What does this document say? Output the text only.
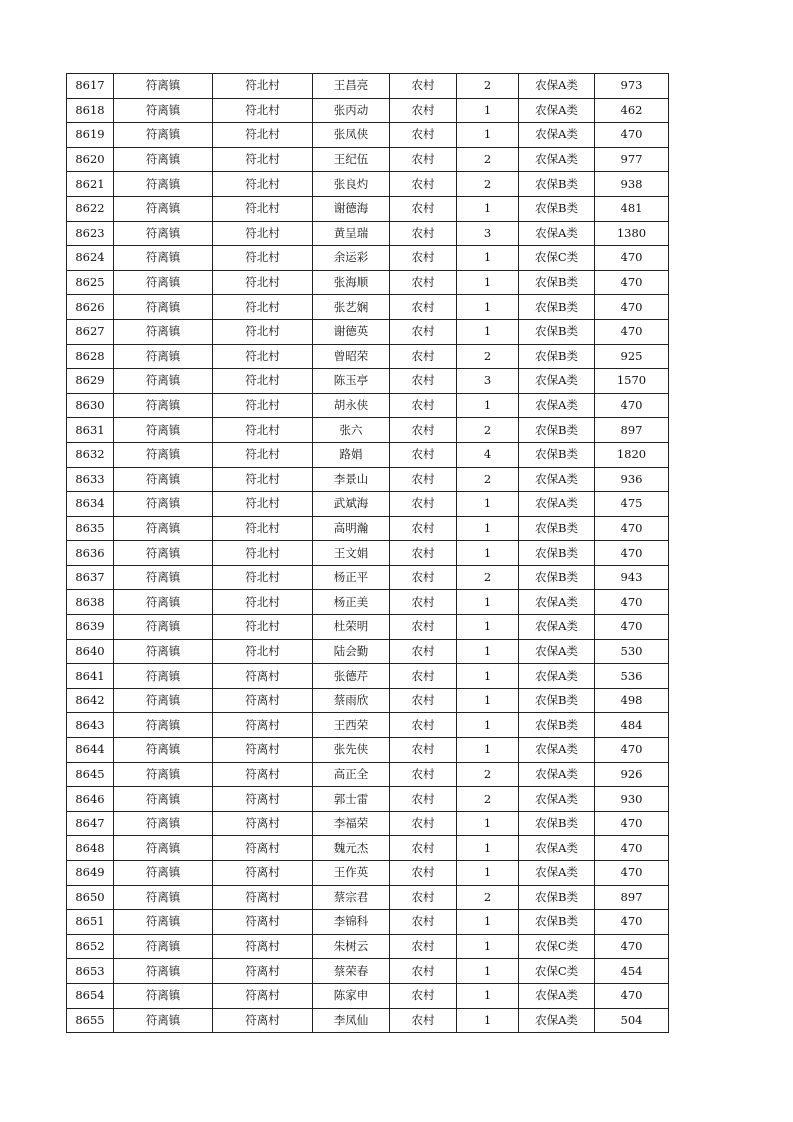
8617	符离镇	符北村	王昌亮	农村	2	农保A类	973
8618	符离镇	符北村	张丙动	农村	1	农保A类	462
8619	符离镇	符北村	张凤侠	农村	1	农保A类	470
8620	符离镇	符北村	王纪伍	农村	2	农保A类	977
8621	符离镇	符北村	张良灼	农村	2	农保B类	938
8622	符离镇	符北村	谢德海	农村	1	农保B类	481
8623	符离镇	符北村	黄呈瑞	农村	3	农保A类	1380
8624	符离镇	符北村	余运彩	农村	1	农保C类	470
8625	符离镇	符北村	张海顺	农村	1	农保B类	470
8626	符离镇	符北村	张艺娴	农村	1	农保B类	470
8627	符离镇	符北村	谢德英	农村	1	农保B类	470
8628	符离镇	符北村	曾昭荣	农村	2	农保B类	925
8629	符离镇	符北村	陈玉亭	农村	3	农保A类	1570
8630	符离镇	符北村	胡永侠	农村	1	农保A类	470
8631	符离镇	符北村	张六	农村	2	农保B类	897
8632	符离镇	符北村	路娟	农村	4	农保B类	1820
8633	符离镇	符北村	李景山	农村	2	农保A类	936
8634	符离镇	符北村	武斌海	农村	1	农保A类	475
8635	符离镇	符北村	高明瀚	农村	1	农保B类	470
8636	符离镇	符北村	王文娟	农村	1	农保B类	470
8637	符离镇	符北村	杨正平	农村	2	农保B类	943
8638	符离镇	符北村	杨正美	农村	1	农保A类	470
8639	符离镇	符北村	杜荣明	农村	1	农保A类	470
8640	符离镇	符北村	陆会勤	农村	1	农保A类	530
8641	符离镇	符离村	张德芹	农村	1	农保A类	536
8642	符离镇	符离村	蔡雨欣	农村	1	农保B类	498
8643	符离镇	符离村	王西荣	农村	1	农保B类	484
8644	符离镇	符离村	张先侠	农村	1	农保A类	470
8645	符离镇	符离村	高正全	农村	2	农保A类	926
8646	符离镇	符离村	郭士雷	农村	2	农保A类	930
8647	符离镇	符离村	李福荣	农村	1	农保B类	470
8648	符离镇	符离村	魏元杰	农村	1	农保A类	470
8649	符离镇	符离村	王作英	农村	1	农保A类	470
8650	符离镇	符离村	蔡宗君	农村	2	农保B类	897
8651	符离镇	符离村	李锦科	农村	1	农保B类	470
8652	符离镇	符离村	朱树云	农村	1	农保C类	470
8653	符离镇	符离村	蔡荣春	农村	1	农保C类	454
8654	符离镇	符离村	陈家申	农村	1	农保A类	470
8655	符离镇	符离村	李凤仙	农村	1	农保A类	504
